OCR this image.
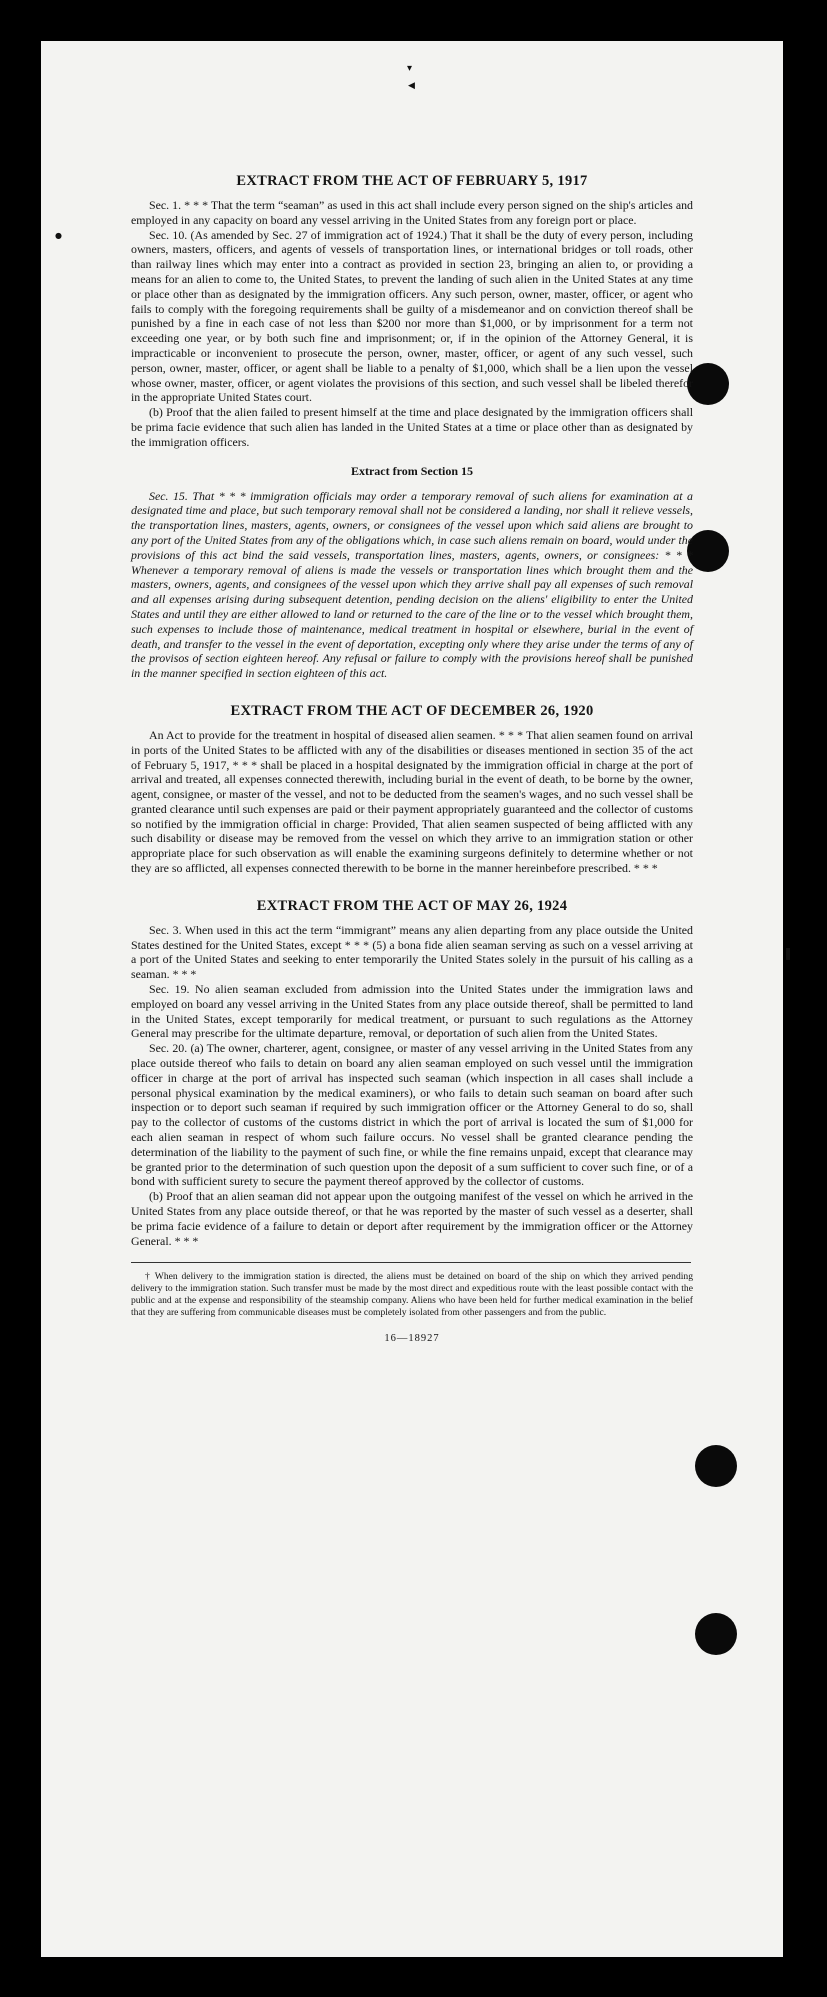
▾
◀
●
❚
EXTRACT FROM THE ACT OF FEBRUARY 5, 1917

Sec. 1. * * * That the term “seaman” as used in this act shall include every person signed on the ship's articles and employed in any capacity on board any vessel arriving in the United States from any foreign port or place.

Sec. 10. (As amended by Sec. 27 of immigration act of 1924.) That it shall be the duty of every person, including owners, masters, officers, and agents of vessels of transportation lines, or international bridges or toll roads, other than railway lines which may enter into a contract as provided in section 23, bringing an alien to, or providing a means for an alien to come to, the United States, to prevent the landing of such alien in the United States at any time or place other than as designated by the immigration officers. Any such person, owner, master, officer, or agent who fails to comply with the foregoing requirements shall be guilty of a misdemeanor and on conviction thereof shall be punished by a fine in each case of not less than $200 nor more than $1,000, or by imprisonment for a term not exceeding one year, or by both such fine and imprisonment; or, if in the opinion of the Attorney General, it is impracticable or inconvenient to prosecute the person, owner, master, officer, or agent of any such vessel, such person, owner, master, officer, or agent shall be liable to a penalty of $1,000, which shall be a lien upon the vessel whose owner, master, officer, or agent violates the provisions of this section, and such vessel shall be libeled therefor in the appropriate United States court.

(b) Proof that the alien failed to present himself at the time and place designated by the immigration officers shall be prima facie evidence that such alien has landed in the United States at a time or place other than as designated by the immigration officers.

Extract from Section 15

Sec. 15. That * * * immigration officials may order a temporary removal of such aliens for examination at a designated time and place, but such temporary removal shall not be considered a landing, nor shall it relieve vessels, the transportation lines, masters, agents, owners, or consignees of the vessel upon which said aliens are brought to any port of the United States from any of the obligations which, in case such aliens remain on board, would under the provisions of this act bind the said vessels, transportation lines, masters, agents, owners, or consignees: * * * Whenever a temporary removal of aliens is made the vessels or transportation lines which brought them and the masters, owners, agents, and consignees of the vessel upon which they arrive shall pay all expenses of such removal and all expenses arising during subsequent detention, pending decision on the aliens' eligibility to enter the United States and until they are either allowed to land or returned to the care of the line or to the vessel which brought them, such expenses to include those of maintenance, medical treatment in hospital or elsewhere, burial in the event of death, and transfer to the vessel in the event of deportation, excepting only where they arise under the terms of any of the provisos of section eighteen hereof. Any refusal or failure to comply with the provisions hereof shall be punished in the manner specified in section eighteen of this act.

EXTRACT FROM THE ACT OF DECEMBER 26, 1920

An Act to provide for the treatment in hospital of diseased alien seamen. * * * That alien seamen found on arrival in ports of the United States to be afflicted with any of the disabilities or diseases mentioned in section 35 of the act of February 5, 1917, * * * shall be placed in a hospital designated by the immigration official in charge at the port of arrival and treated, all expenses connected therewith, including burial in the event of death, to be borne by the owner, agent, consignee, or master of the vessel, and not to be deducted from the seamen's wages, and no such vessel shall be granted clearance until such expenses are paid or their payment appropriately guaranteed and the collector of customs so notified by the immigration official in charge: Provided, That alien seamen suspected of being afflicted with any such disability or disease may be removed from the vessel on which they arrive to an immigration station or other appropriate place for such observation as will enable the examining surgeons definitely to determine whether or not they are so afflicted, all expenses connected therewith to be borne in the manner hereinbefore prescribed. * * *

EXTRACT FROM THE ACT OF MAY 26, 1924

Sec. 3. When used in this act the term “immigrant” means any alien departing from any place outside the United States destined for the United States, except * * * (5) a bona fide alien seaman serving as such on a vessel arriving at a port of the United States and seeking to enter temporarily the United States solely in the pursuit of his calling as a seaman. * * *

Sec. 19. No alien seaman excluded from admission into the United States under the immigration laws and employed on board any vessel arriving in the United States from any place outside thereof, shall be permitted to land in the United States, except temporarily for medical treatment, or pursuant to such regulations as the Attorney General may prescribe for the ultimate departure, removal, or deportation of such alien from the United States.

Sec. 20. (a) The owner, charterer, agent, consignee, or master of any vessel arriving in the United States from any place outside thereof who fails to detain on board any alien seaman employed on such vessel until the immigration officer in charge at the port of arrival has inspected such seaman (which inspection in all cases shall include a personal physical examination by the medical examiners), or who fails to detain such seaman on board after such inspection or to deport such seaman if required by such immigration officer or the Attorney General to do so, shall pay to the collector of customs of the customs district in which the port of arrival is located the sum of $1,000 for each alien seaman in respect of whom such failure occurs. No vessel shall be granted clearance pending the determination of the liability to the payment of such fine, or while the fine remains unpaid, except that clearance may be granted prior to the determination of such question upon the deposit of a sum sufficient to cover such fine, or of a bond with sufficient surety to secure the payment thereof approved by the collector of customs.

(b) Proof that an alien seaman did not appear upon the outgoing manifest of the vessel on which he arrived in the United States from any place outside thereof, or that he was reported by the master of such vessel as a deserter, shall be prima facie evidence of a failure to detain or deport after requirement by the immigration officer or the Attorney General. * * *

† When delivery to the immigration station is directed, the aliens must be detained on board of the ship on which they arrived pending delivery to the immigration station. Such transfer must be made by the most direct and expeditious route with the least possible contact with the public and at the expense and responsibility of the steamship company. Aliens who have been held for further medical examination in the belief that they are suffering from communicable diseases must be completely isolated from other passengers and from the public.

16—18927
